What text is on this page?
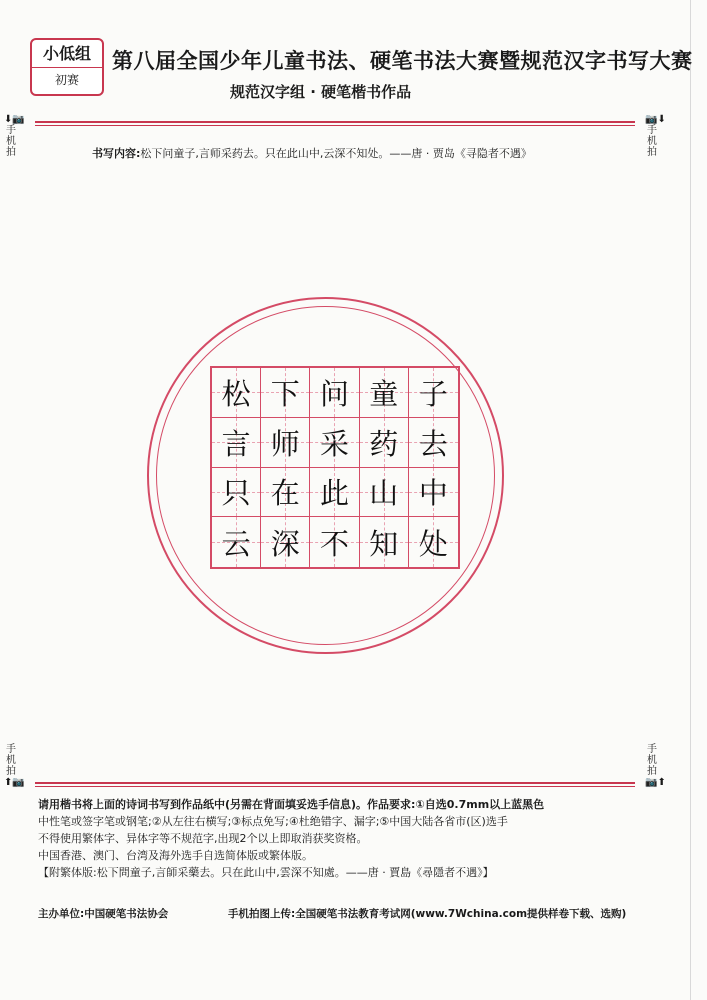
小低组
初赛
第八届全国少年儿童书法、硬笔书法大赛暨规范汉字书写大赛
规范汉字组 · 硬笔楷书作品
⬇📷
手
机
拍
📷⬇
手
机
拍
书写内容:松下问童子,言师采药去。只在此山中,云深不知处。——唐 · 贾岛《寻隐者不遇》
松 下 问 童 子
言 师 采 药 去
只 在 此 山 中
云 深 不 知 处
手
机
拍
⬆📷
手
机
拍
📷⬆
请用楷书将上面的诗词书写到作品纸中(另需在背面填妥选手信息)。作品要求:①自选0.7mm以上蓝黑色
中性笔或签字笔或钢笔;②从左往右横写;③标点免写;④杜绝错字、漏字;⑤中国大陆各省市(区)选手
不得使用繁体字、异体字等不规范字,出现2个以上即取消获奖资格。
中国香港、澳门、台湾及海外选手自选简体版或繁体版。
【附繁体版:松下問童子,言師采藥去。只在此山中,雲深不知處。——唐 · 賈島《尋隱者不遇》】
主办单位:中国硬笔书法协会	手机拍图上传:全国硬笔书法教育考试网(www.7Wchina.com提供样卷下载、选购)
